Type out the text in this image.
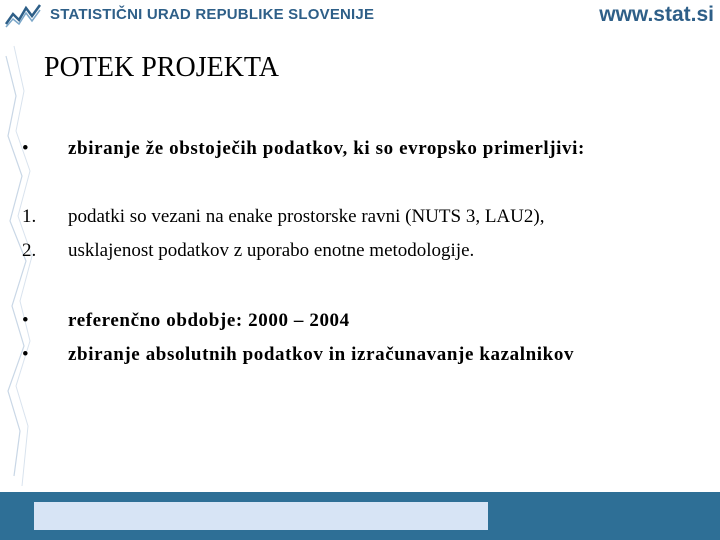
STATISTIČNI URAD REPUBLIKE SLOVENIJE	www.stat.si
POTEK PROJEKTA
• zbiranje že obstoječih podatkov, ki so evropsko primerljivi:
1. podatki so vezani na enake prostorske ravni (NUTS 3, LAU2),
2. usklajenost podatkov z uporabo enotne metodologije.
• referenčno obdobje: 2000 – 2004
• zbiranje absolutnih podatkov in izračunavanje kazalnikov
